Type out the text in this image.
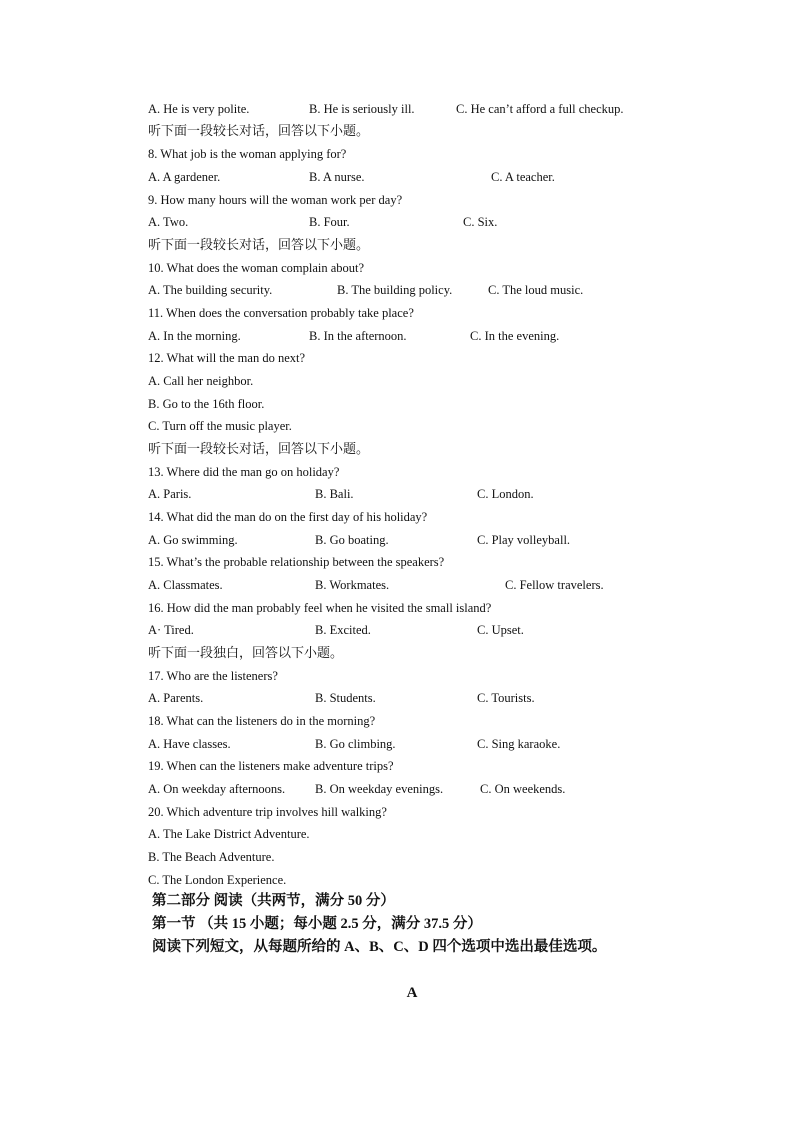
A. He is very polite.	B. He is seriously ill.	C. He can’t afford a full checkup.
听下面一段较长对话，回答以下小题。
8. What job is the woman applying for?
A. A gardener.	B. A nurse.	C. A teacher.
9. How many hours will the woman work per day?
A. Two.	B. Four.	C. Six.
听下面一段较长对话，回答以下小题。
10. What does the woman complain about?
A. The building security.	B. The building policy.	C. The loud music.
11. When does the conversation probably take place?
A. In the morning.	B. In the afternoon.	C. In the evening.
12. What will the man do next?
A. Call her neighbor.
B. Go to the 16th floor.
C. Turn off the music player.
听下面一段较长对话，回答以下小题。
13. Where did the man go on holiday?
A. Paris.	B. Bali.	C. London.
14. What did the man do on the first day of his holiday?
A. Go swimming.	B. Go boating.	C. Play volleyball.
15. What’s the probable relationship between the speakers?
A. Classmates.	B. Workmates.	C. Fellow travelers.
16. How did the man probably feel when he visited the small island?
A· Tired.	B. Excited.	C. Upset.
听下面一段独白，回答以下小题。
17. Who are the listeners?
A. Parents.	B. Students.	C. Tourists.
18. What can the listeners do in the morning?
A. Have classes.	B. Go climbing.	C. Sing karaoke.
19. When can the listeners make adventure trips?
A. On weekday afternoons. B. On weekday evenings.	C. On weekends.
20. Which adventure trip involves hill walking?
A. The Lake District Adventure.
B. The Beach Adventure.
C. The London Experience.
第二部分 阅读（共两节，满分 50 分）
第一节 （共 15 小题；每小题 2.5 分，满分 37.5 分）
阅读下列短文，从每题所给的 A、B、C、D 四个选项中选出最佳选项。
A
